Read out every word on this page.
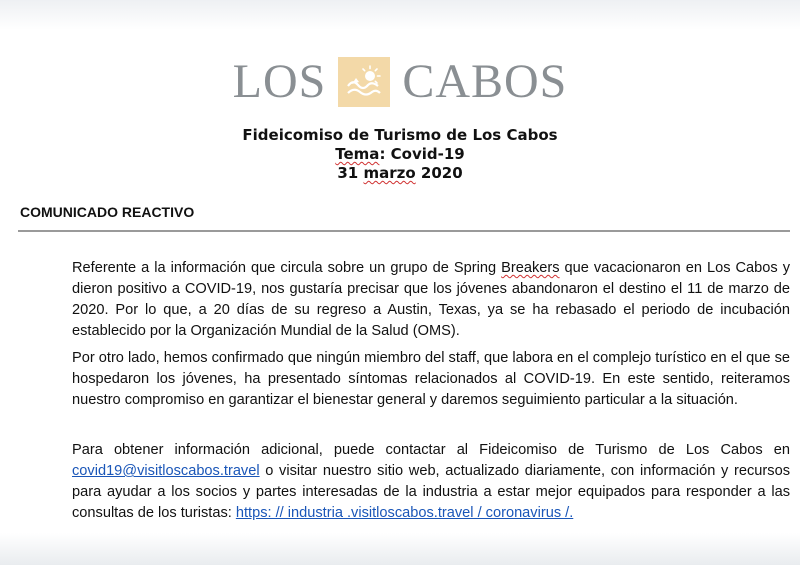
LOS CABOS
Fideicomiso de Turismo de Los Cabos
Tema: Covid-19
31 marzo 2020
COMUNICADO REACTIVO
Referente a la información que circula sobre un grupo de Spring Breakers que vacacionaron en Los Cabos y dieron positivo a COVID-19, nos gustaría precisar que los jóvenes abandonaron el destino el 11 de marzo de 2020. Por lo que, a 20 días de su regreso a Austin, Texas, ya se ha rebasado el periodo de incubación establecido por la Organización Mundial de la Salud (OMS).
Por otro lado, hemos confirmado que ningún miembro del staff, que labora en el complejo turístico en el que se hospedaron los jóvenes, ha presentado síntomas relacionados al COVID-19. En este sentido, reiteramos nuestro compromiso en garantizar el bienestar general y daremos seguimiento particular a la situación.
Para obtener información adicional, puede contactar al Fideicomiso de Turismo de Los Cabos en covid19@visitloscabos.travel o visitar nuestro sitio web, actualizado diariamente, con información y recursos para ayudar a los socios y partes interesadas de la industria a estar mejor equipados para responder a las consultas de los turistas: https: // industria .visitloscabos.travel / coronavirus /.
